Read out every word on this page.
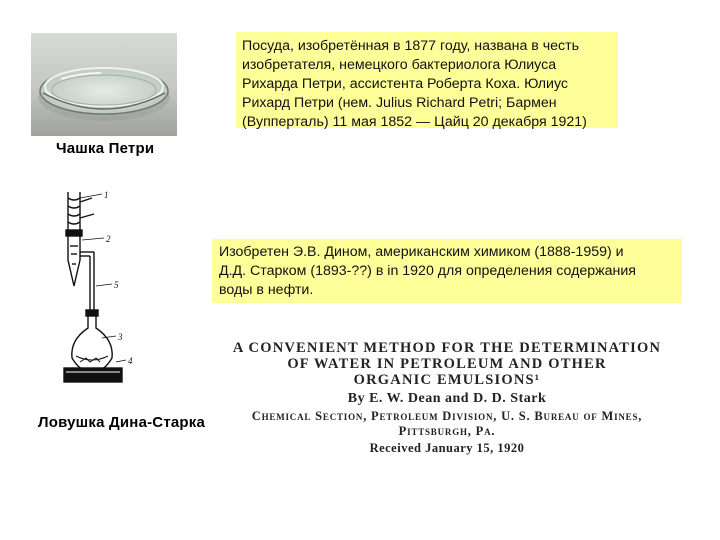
Чашка Петри
Посуда, изобретённая в 1877 году, названа в честь
изобретателя, немецкого бактериолога Юлиуса
Рихарда Петри, ассистента Роберта Коха. Юлиус
Рихард Петри (нем. Julius Richard Petri; Бармен
(Вупперталь) 11 мая 1852 — Цайц 20 декабря 1921)
1
2
5
3
4
Ловушка Дина-Старка
Изобретен Э.В. Дином, американским химиком (1888-1959) и
Д.Д. Старком (1893-??) в in 1920 для определения содержания
воды в нефти.

A CONVENIENT METHOD FOR THE DETERMINATION
OF WATER IN PETROLEUM AND OTHER
ORGANIC EMULSIONS¹

By E. W. Dean and D. D. Stark
Chemical Section, Petroleum Division, U. S. Bureau of Mines,
Pittsburgh, Pa.
Received January 15, 1920
